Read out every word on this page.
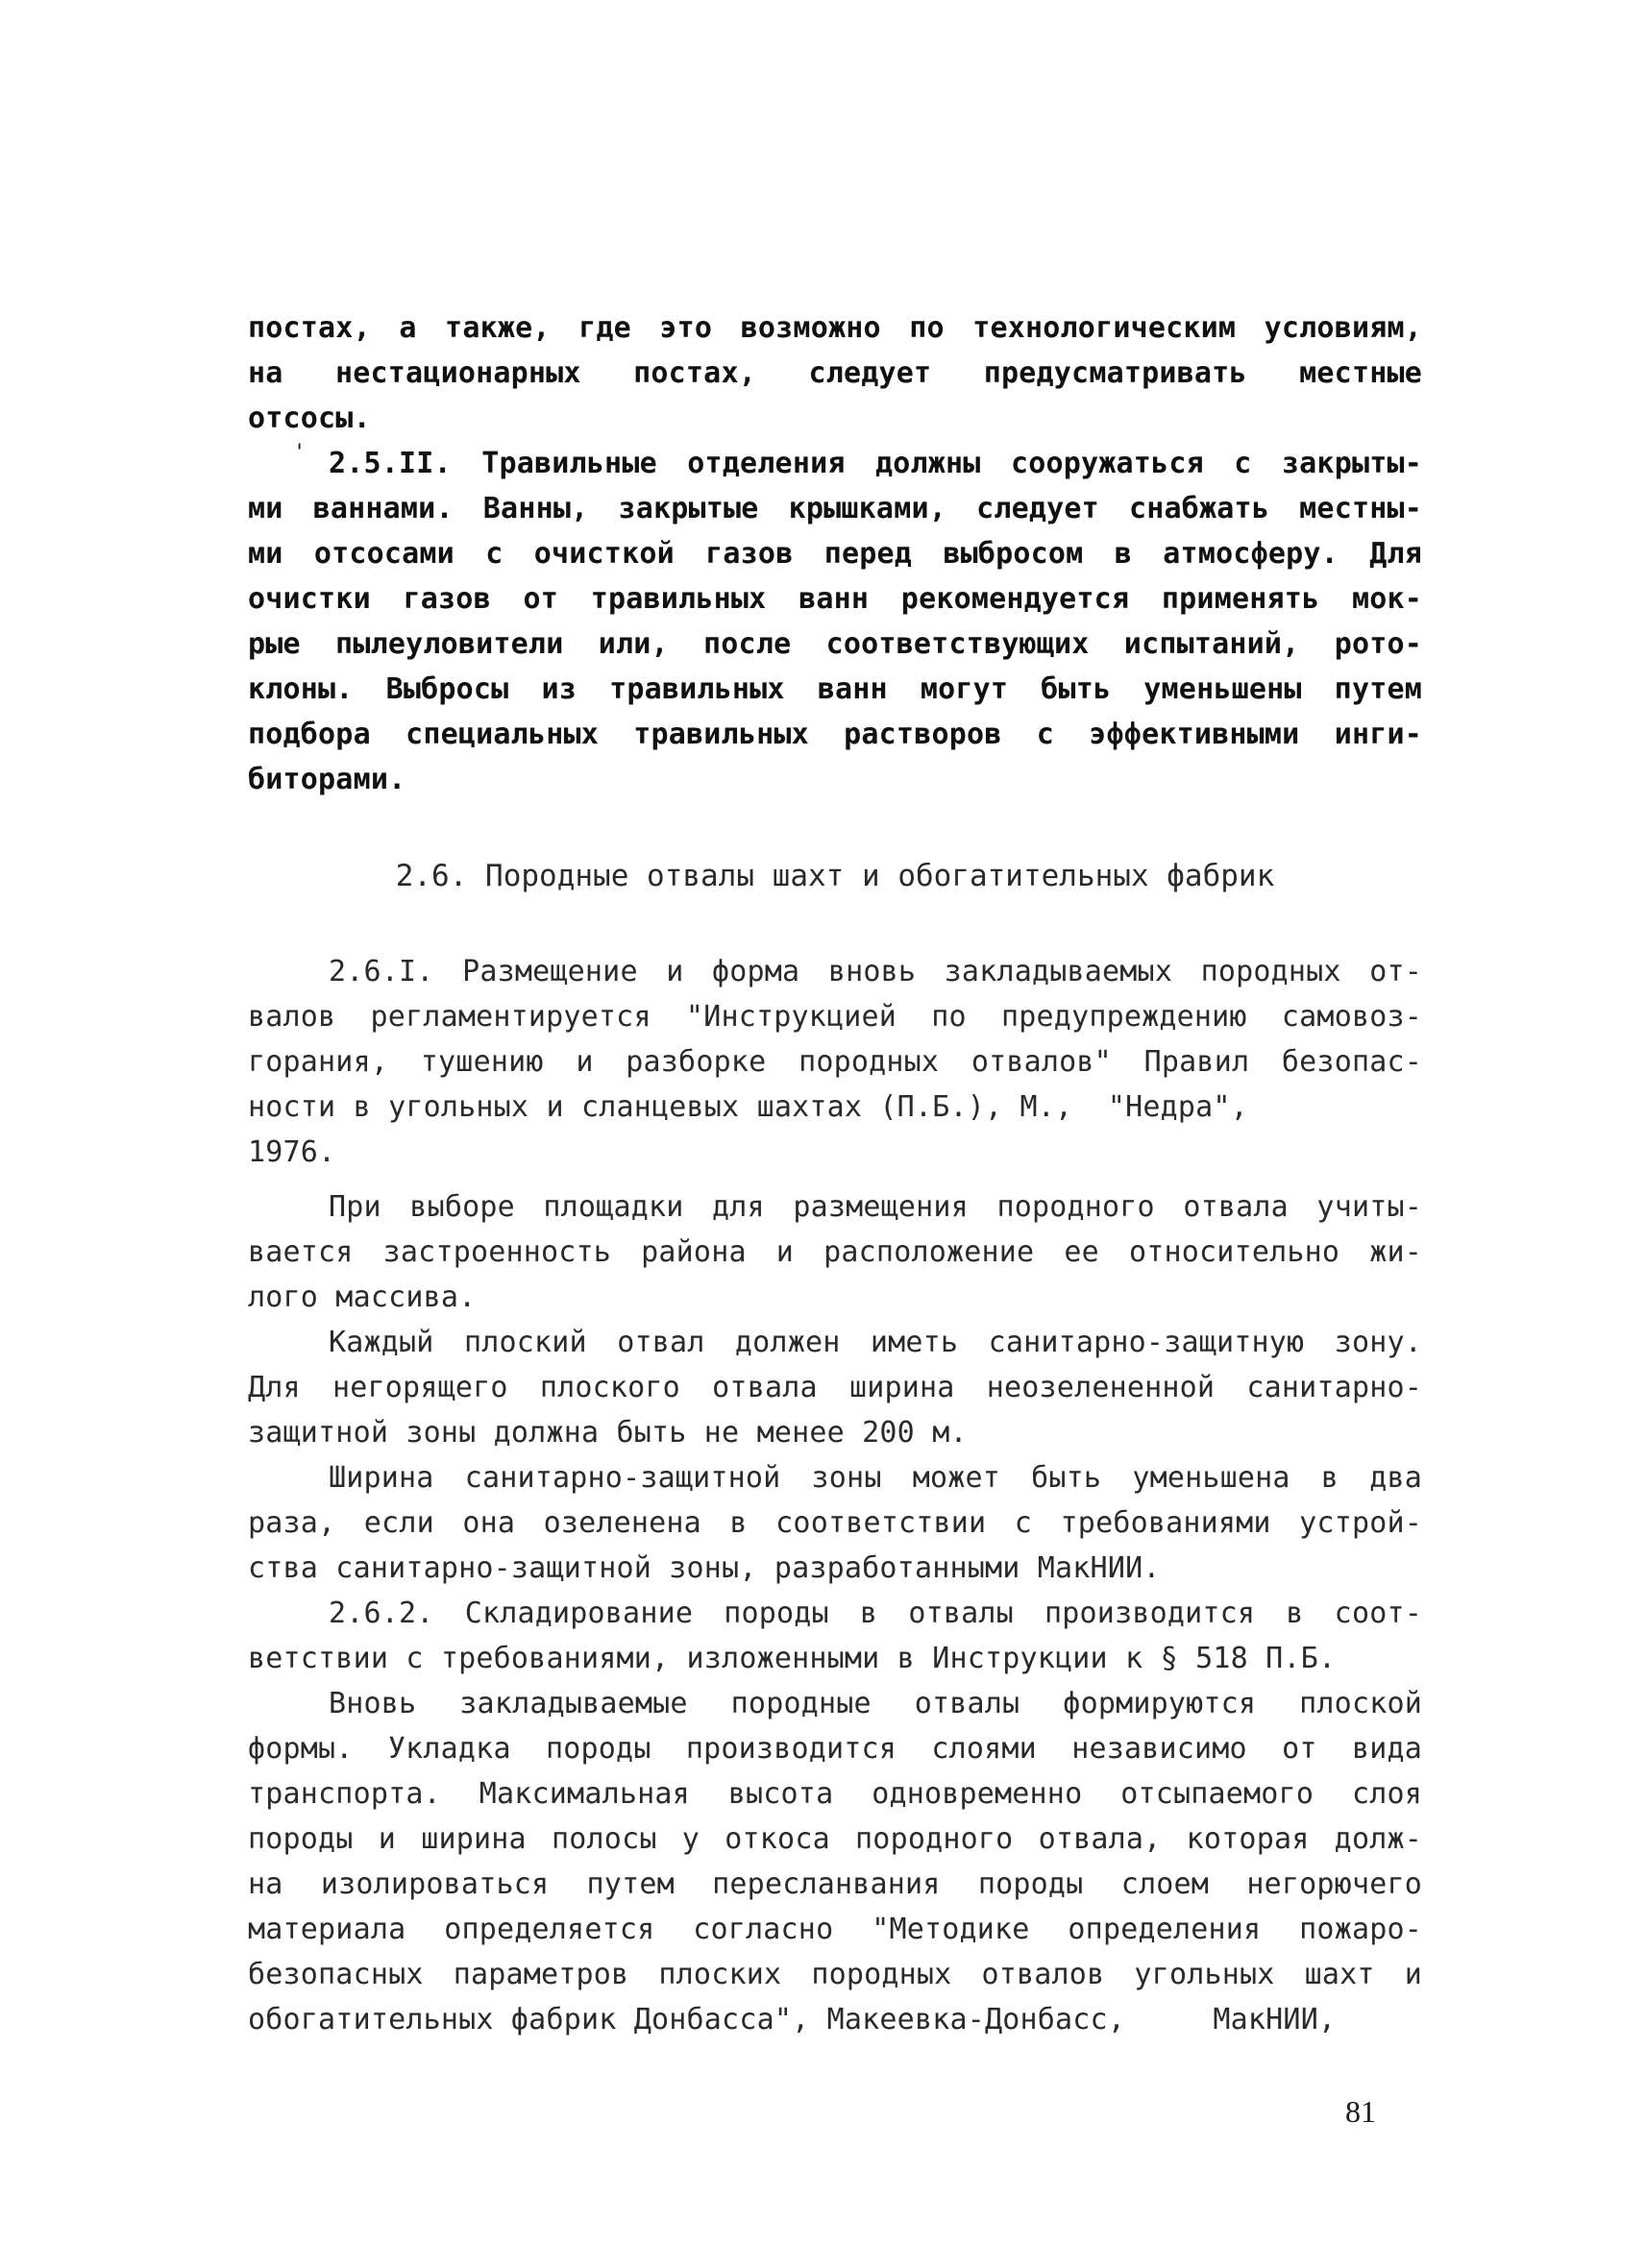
постах, а также, где это возможно по технологическим условиям,
на нестационарных постах, следует предусматривать местные
отсосы.
' 2.5.II. Травильные отделения должны сооружаться с закрыты-
ми ваннами. Ванны, закрытые крышками, следует снабжать местны-
ми отсосами с очисткой газов перед выбросом в атмосферу. Для
очистки газов от травильных ванн рекомендуется применять мок-
рые пылеуловители или, после соответствующих испытаний, рото-
клоны. Выбросы из травильных ванн могут быть уменьшены путем
подбора специальных травильных растворов с эффективными инги-
биторами.
2.6. Породные отвалы шахт и обогатительных фабрик
2.6.I. Размещение и форма вновь закладываемых породных от-
валов регламентируется "Инструкцией по предупреждению самовоз-
горания, тушению и разборке породных отвалов" Правил безопас-
ности в угольных и сланцевых шахтах (П.Б.), М.,  "Недра",
1976.
При выборе площадки для размещения породного отвала учиты-
вается застроенность района и расположение ее относительно жи-
лого массива.
Каждый плоский отвал должен иметь санитарно-защитную зону.
Для негорящего плоского отвала ширина неозелененной санитарно-
защитной зоны должна быть не менее 200 м.
Ширина санитарно-защитной зоны может быть уменьшена в два
раза, если она озеленена в соответствии с требованиями устрой-
ства санитарно-защитной зоны, разработанными МакНИИ.
2.6.2. Складирование породы в отвалы производится в соот-
ветствии с требованиями, изложенными в Инструкции к § 518 П.Б.
Вновь закладываемые породные отвалы формируются плоской
формы. Укладка породы производится слоями независимо от вида
транспорта. Максимальная высота одновременно отсыпаемого слоя
породы и ширина полосы у откоса породного отвала, которая долж-
на изолироваться путем пересланвания породы слоем негорючего
материала определяется согласно "Методике определения пожаро-
безопасных параметров плоских породных отвалов угольных шахт и
обогатительных фабрик Донбасса", Макеевка-Донбасс,     МакНИИ,
81
